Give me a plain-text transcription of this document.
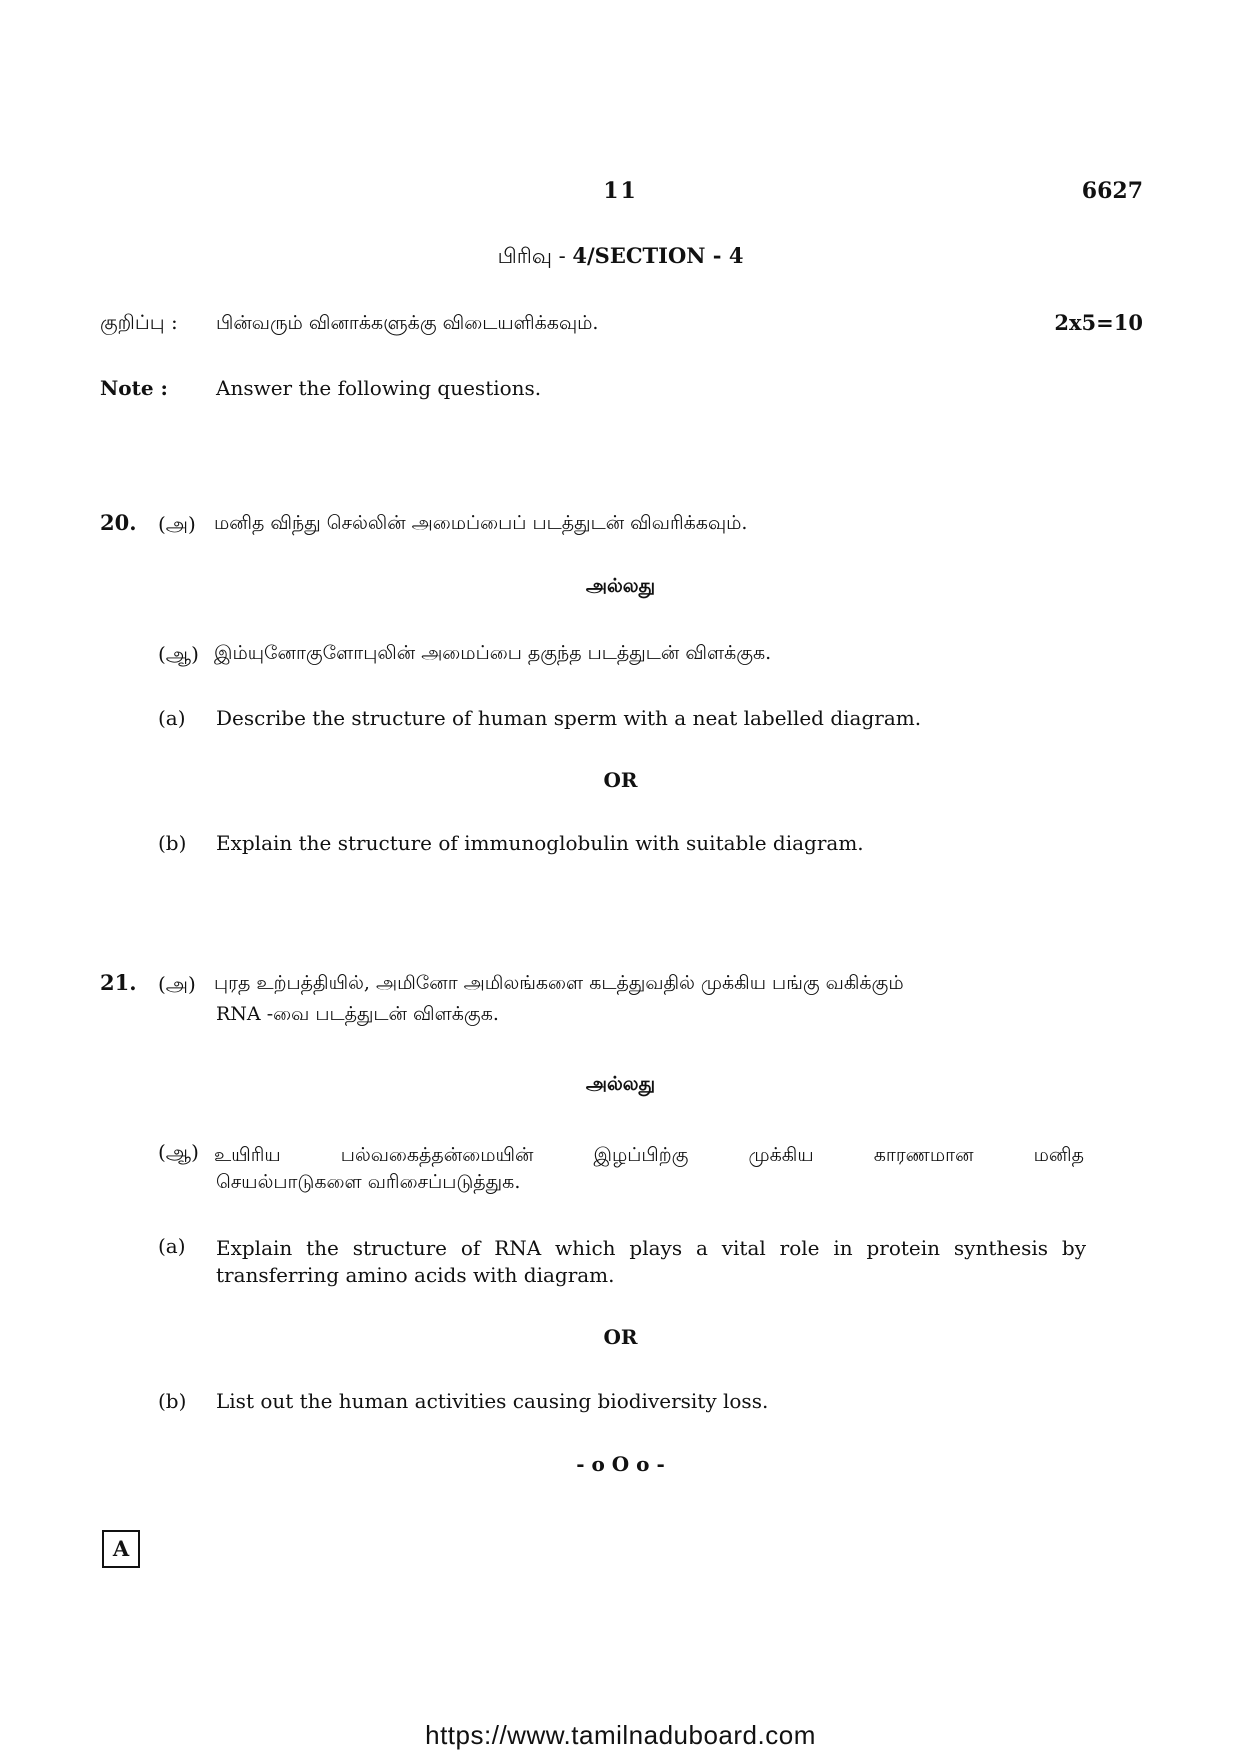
11	6627
பிரிவு - 4/SECTION - 4
குறிப்பு : பின்வரும் வினாக்களுக்கு விடையளிக்கவும்.	2x5=10
Note : Answer the following questions.
20. (அ) மனித விந்து செல்லின் அமைப்பைப் படத்துடன் விவரிக்கவும்.
அல்லது
(ஆ) இம்யுனோகுளோபுலின் அமைப்பை தகுந்த படத்துடன் விளக்குக.
(a) Describe the structure of human sperm with a neat labelled diagram.
OR
(b) Explain the structure of immunoglobulin with suitable diagram.
21. (அ) புரத உற்பத்தியில், அமினோ அமிலங்களை கடத்துவதில் முக்கிய பங்கு வகிக்கும்
RNA -வை படத்துடன் விளக்குக.
அல்லது
(ஆ) உயிரிய பல்வகைத்தன்மையின் இழப்பிற்கு முக்கிய காரணமான மனித
செயல்பாடுகளை வரிசைப்படுத்துக.
(a) Explain the structure of RNA which plays a vital role in protein synthesis by
transferring amino acids with diagram.
OR
(b) List out the human activities causing biodiversity loss.
- o O o -
A
https://www.tamilnaduboard.com
